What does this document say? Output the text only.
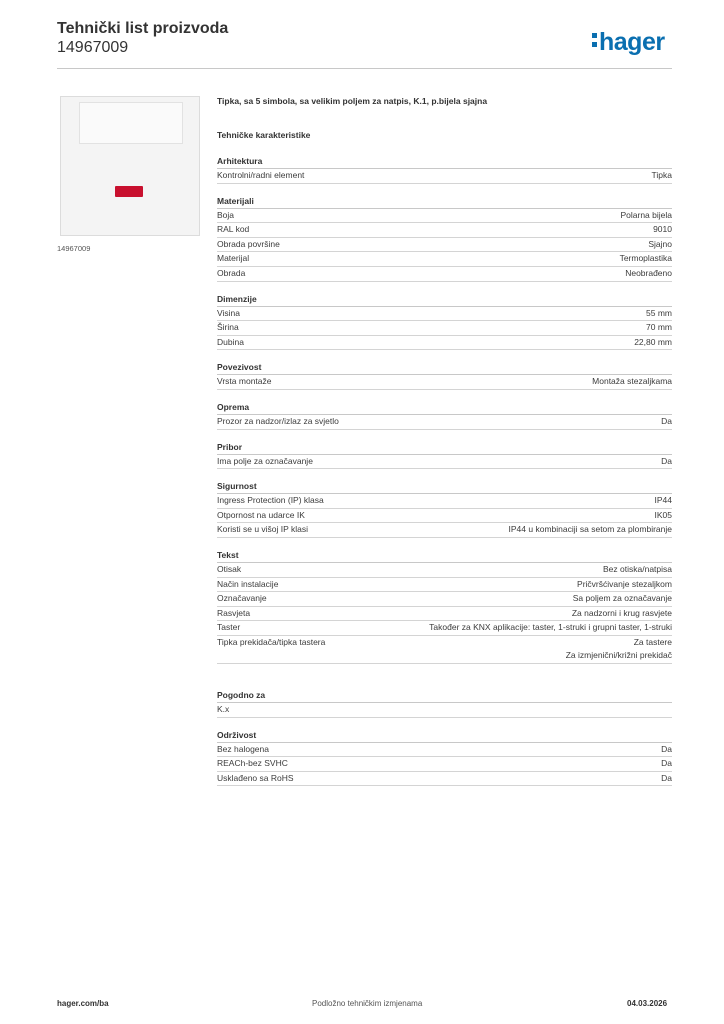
Tehnički list proizvoda
14967009	hager
14967009
Tipka, sa 5 simbola, sa velikim poljem za natpis, K.1, p.bijela sjajna
Tehničke karakteristike
Arhitektura
Kontrolni/radni element	Tipka
Materijali
Boja	Polarna bijela
RAL kod	9010
Obrada površine	Sjajno
Materijal	Termoplastika
Obrada	Neobrađeno
Dimenzije
Visina	55 mm
Širina	70 mm
Dubina	22,80 mm
Povezivost
Vrsta montaže	Montaža stezaljkama
Oprema
Prozor za nadzor/izlaz za svjetlo	Da
Pribor
Ima polje za označavanje	Da
Sigurnost
Ingress Protection (IP) klasa	IP44
Otpornost na udarce IK	IK05
Koristi se u višoj IP klasi	IP44 u kombinaciji sa setom za plombiranje
Tekst
Otisak	Bez otiska/natpisa
Način instalacije	Pričvršćivanje stezaljkom
Označavanje	Sa poljem za označavanje
Rasvjeta	Za nadzorni i krug rasvjete
Taster	Također za KNX aplikacije: taster, 1-struki i grupni taster, 1-struki
Tipka prekidača/tipka tastera	Za tastere
Za izmjenični/križni prekidač
Pogodno za
K.x
Održivost
Bez halogena	Da
REACh-bez SVHC	Da
Usklađeno sa RoHS	Da
hager.com/ba	Podložno tehničkim izmjenama	04.03.2026
